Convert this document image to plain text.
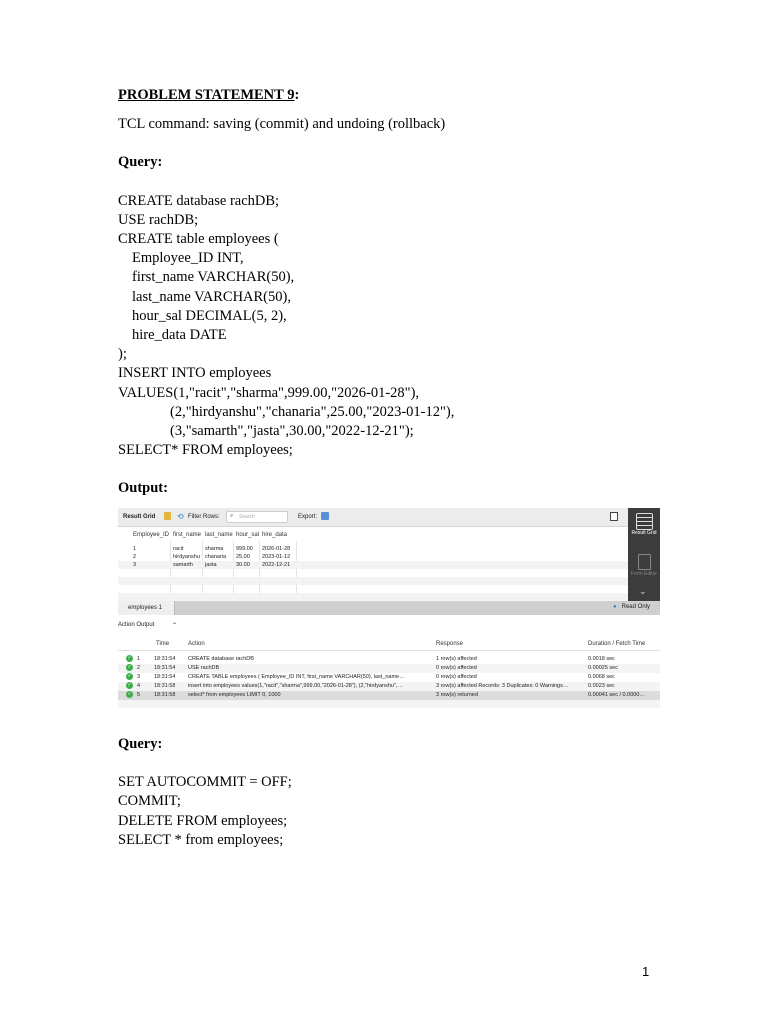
PROBLEM STATEMENT 9:
TCL command: saving (commit) and undoing (rollback)
Query:
CREATE database rachDB;
USE rachDB;
CREATE table employees (
Employee_ID INT,
first_name VARCHAR(50),
last_name VARCHAR(50),
hour_sal DECIMAL(5, 2),
hire_data DATE
);
INSERT INTO employees
VALUES(1,"racit","sharma",999.00,"2026-01-28"),
(2,"hirdyanshu","chanaria",25.00,"2023-01-12"),
(3,"samarth","jasta",30.00,"2022-12-21");
SELECT* FROM employees;
Output:
Result Grid	⟲ Filter Rows: ⌕ Search	Export:
Result Grid
Form Editor
⌄
Employee_ID first_name last_name hour_sal hire_data
1	racit	sharma 999.00 2026-01-28
2	hirdyanshu chanaria 25.00 2023-01-12
3	samarth jasta	30.00 2022-12-21
employees 1	● Read Only
Action Output	⌃
Time	Action	Response	Duration / Fetch Time
✓ 1	18:31:54 CREATE database rachDB	1 row(s) affected	0.0018 sec
✓ 2	18:31:54 USE rachDB	0 row(s) affected	0.00025 sec
✓ 3	18:31:54 CREATE TABLE employees ( Employee_ID INT, first_name VARCHAR(50), last_name…	0 row(s) affected	0.0068 sec
✓ 4	18:31:58 insert into employees values(1,"racit","sharma",999.00,"2026-01-28"), (2,"hirdyanshu",…	3 row(s) affected Records: 3 Duplicates: 0 Warnings…	0.0023 sec
✓ 5	18:31:58 select* from employees LIMIT 0, 1000	3 row(s) returned	0.00041 sec / 0.0000…
Query:
SET AUTOCOMMIT = OFF;
COMMIT;
DELETE FROM employees;
SELECT * from employees;
1
